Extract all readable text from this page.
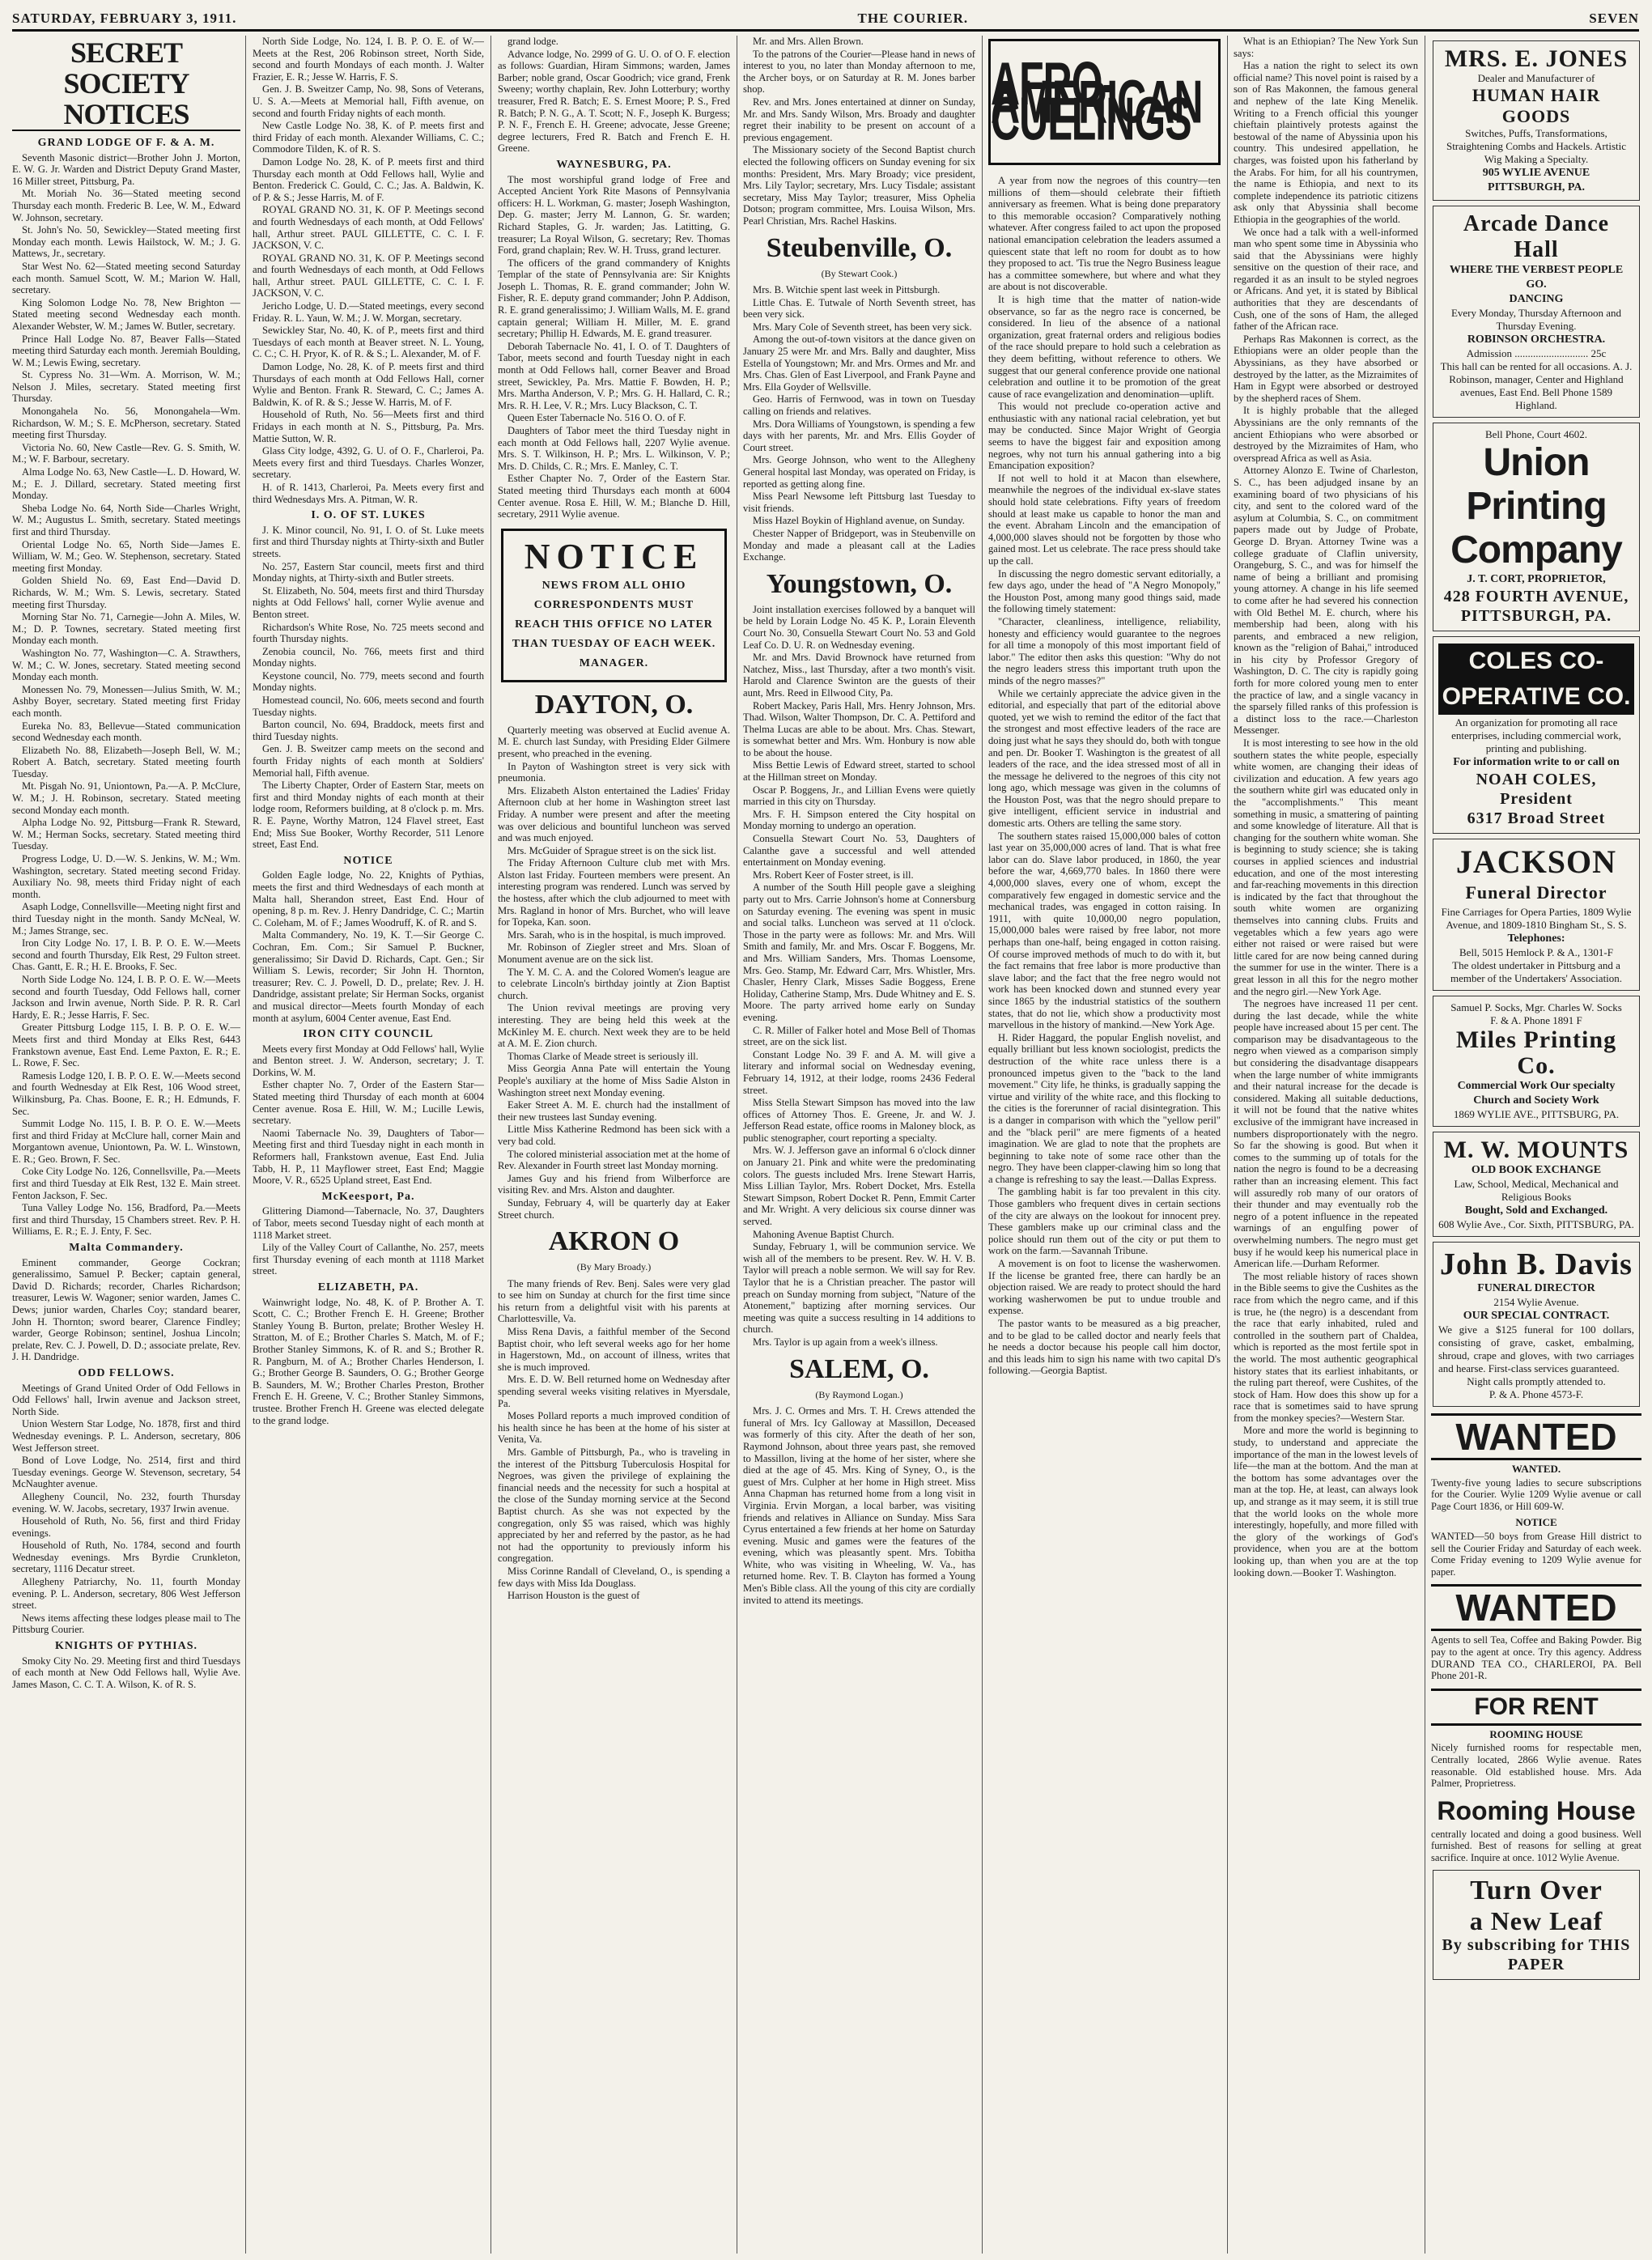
SATURDAY, FEBRUARY 3, 1911.	THE COURIER.	SEVEN
SECRET SOCIETY NOTICES
GRAND LODGE OF F. & A. M.

Seventh Masonic district—Brother John J. Morton, E. W. G. Jr. Warden and District Deputy Grand Master, 16 Miller street, Pittsburg, Pa.

Mt. Moriah No. 36—Stated meeting second Thursday each month. Frederic B. Lee, W. M., Edward W. Johnson, secretary.

St. John's No. 50, Sewickley—Stated meeting first Monday each month. Lewis Hailstock, W. M.; J. G. Mattews, Jr., secretary.

Star West No. 62—Stated meeting second Saturday each month. Samuel Scott, W. M.; Marion W. Hall, secretary.

King Solomon Lodge No. 78, New Brighton — Stated meeting second Wednesday each month. Alexander Webster, W. M.; James W. Butler, secretary.

Prince Hall Lodge No. 87, Beaver Falls—Stated meeting third Saturday each month. Jeremiah Boulding, W. M.; Lewis Ewing, secretary.

St. Cypress No. 31—Wm. A. Morrison, W. M.; Nelson J. Miles, secretary. Stated meeting first Thursday.

Monongahela No. 56, Monongahela—Wm. Richardson, W. M.; S. E. McPherson, secretary. Stated meeting first Thursday.

Victoria No. 60, New Castle—Rev. G. S. Smith, W. M.; W. F. Barbour, secretary.

Alma Lodge No. 63, New Castle—L. D. Howard, W. M.; E. J. Dillard, secretary. Stated meeting first Monday.

Sheba Lodge No. 64, North Side—Charles Wright, W. M.; Augustus L. Smith, secretary. Stated meetings first and third Thursday.

Oriental Lodge No. 65, North Side—James E. William, W. M.; Geo. W. Stephenson, secretary. Stated meeting first Monday.

Golden Shield No. 69, East End—David D. Richards, W. M.; Wm. S. Lewis, secretary. Stated meeting first Thursday.

Morning Star No. 71, Carnegie—John A. Miles, W. M.; D. P. Townes, secretary. Stated meeting first Monday each month.

Washington No. 77, Washington—C. A. Strawthers, W. M.; C. W. Jones, secretary. Stated meeting second Monday each month.

Monessen No. 79, Monessen—Julius Smith, W. M.; Ashby Boyer, secretary. Stated meeting first Friday each month.

Eureka No. 83, Bellevue—Stated communication second Wednesday each month.

Elizabeth No. 88, Elizabeth—Joseph Bell, W. M.; Robert A. Batch, secretary. Stated meeting fourth Tuesday.

Mt. Pisgah No. 91, Uniontown, Pa.—A. P. McClure, W. M.; J. H. Robinson, secretary. Stated meeting second Monday each month.

Alpha Lodge No. 92, Pittsburg—Frank R. Steward, W. M.; Herman Socks, secretary. Stated meeting third Tuesday.

Progress Lodge, U. D.—W. S. Jenkins, W. M.; Wm. Washington, secretary. Stated meeting second Friday. Auxiliary No. 98, meets third Friday night of each month.

Asaph Lodge, Connellsville—Meeting night first and third Tuesday night in the month. Sandy McNeal, W. M.; James Strange, sec.

Iron City Lodge No. 17, I. B. P. O. E. W.—Meets second and fourth Thursday, Elk Rest, 29 Fulton street. Chas. Gantt, E. R.; H. E. Brooks, F. Sec.

North Side Lodge No. 124, I. B. P. O. E. W.—Meets second and fourth Tuesday, Odd Fellows hall, corner Jackson and Irwin avenue, North Side. P. R. R. Carl Hardy, E. R.; Jesse Harris, F. Sec.

Greater Pittsburg Lodge 115, I. B. P. O. E. W.—Meets first and third Monday at Elks Rest, 6443 Frankstown avenue, East End. Leme Paxton, E. R.; E. L. Rowe, F. Sec.

Ramesis Lodge 120, I. B. P. O. E. W.—Meets second and fourth Wednesday at Elk Rest, 106 Wood street, Wilkinsburg, Pa. Chas. Boone, E. R.; H. Edmunds, F. Sec.

Summit Lodge No. 115, I. B. P. O. E. W.—Meets first and third Friday at McClure hall, corner Main and Morgantown avenue, Uniontown, Pa. W. L. Winstown, E. R.; Geo. Brown, F. Sec.

Coke City Lodge No. 126, Connellsville, Pa.—Meets first and third Tuesday at Elk Rest, 132 E. Main street. Fenton Jackson, F. Sec.

Tuna Valley Lodge No. 156, Bradford, Pa.—Meets first and third Thursday, 15 Chambers street. Rev. P. H. Williams, E. R.; E. J. Enty, F. Sec.

Malta Commandery.

Eminent commander, George Cockran; generalissimo, Samuel P. Becker; captain general, David D. Richards; recorder, Charles Richardson; treasurer, Lewis W. Wagoner; senior warden, James C. Dews; junior warden, Charles Coy; standard bearer, John H. Thornton; sword bearer, Clarence Findley; warder, George Robinson; sentinel, Joshua Lincoln; prelate, Rev. C. J. Powell, D. D.; associate prelate, Rev. J. H. Dandridge.

ODD FELLOWS.

Meetings of Grand United Order of Odd Fellows in Odd Fellows' hall, Irwin avenue and Jackson street, North Side.

Union Western Star Lodge, No. 1878, first and third Wednesday evenings. P. L. Anderson, secretary, 806 West Jefferson street.

Bond of Love Lodge, No. 2514, first and third Tuesday evenings. George W. Stevenson, secretary, 54 McNaughter avenue.

Allegheny Council, No. 232, fourth Thursday evening. W. W. Jacobs, secretary, 1937 Irwin avenue.

Household of Ruth, No. 56, first and third Friday evenings.

Household of Ruth, No. 1784, second and fourth Wednesday evenings. Mrs Byrdie Crunkleton, secretary, 1116 Decatur street.

Allegheny Patriarchy, No. 11, fourth Monday evening. P. L. Anderson, secretary, 806 West Jefferson street.

News items affecting these lodges please mail to The Pittsburg Courier.

KNIGHTS OF PYTHIAS.

Smoky City No. 29. Meeting first and third Tuesdays of each month at New Odd Fellows hall, Wylie Ave. James Mason, C. C. T. A. Wilson, K. of R. S.

North Side Lodge, No. 124, I. B. P. O. E. of W.—Meets at the Rest, 206 Robinson street, North Side, second and fourth Mondays of each month. J. Walter Frazier, E. R.; Jesse W. Harris, F. S.

Gen. J. B. Sweitzer Camp, No. 98, Sons of Veterans, U. S. A.—Meets at Memorial hall, Fifth avenue, on second and fourth Friday nights of each month.

New Castle Lodge No. 38, K. of P. meets first and third Friday of each month. Alexander Williams, C. C.; Commodore Tilden, K. of R. S.

Damon Lodge No. 28, K. of P. meets first and third Thursday each month at Odd Fellows hall, Wylie and Benton. Frederick C. Gould, C. C.; Jas. A. Baldwin, K. of P. & S.; Jesse Harris, M. of F.

ROYAL GRAND NO. 31, K. OF P. Meetings second and fourth Wednesdays of each month, at Odd Fellows' hall, Arthur street. PAUL GILLETTE, C. C. I. F. JACKSON, V. C.

ROYAL GRAND NO. 31, K. OF P. Meetings second and fourth Wednesdays of each month, at Odd Fellows hall, Arthur street. PAUL GILLETTE, C. C. I. F. JACKSON, V. C.

Jericho Lodge, U. D.—Stated meetings, every second Friday. R. L. Yaun, W. M.; J. W. Morgan, secretary.

Sewickley Star, No. 40, K. of P., meets first and third Tuesdays of each month at Beaver street. N. L. Young, C. C.; C. H. Pryor, K. of R. & S.; L. Alexander, M. of F.

Damon Lodge, No. 28, K. of P. meets first and third Thursdays of each month at Odd Fellows Hall, corner Wylie and Benton. Frank R. Steward, C. C.; James A. Baldwin, K. of R. & S.; Jesse W. Harris, M. of F.

Household of Ruth, No. 56—Meets first and third Fridays in each month at N. S., Pittsburg, Pa. Mrs. Mattie Sutton, W. R.

Glass City lodge, 4392, G. U. of O. F., Charleroi, Pa. Meets every first and third Tuesdays. Charles Wonzer, secretary.

H. of R. 1413, Charleroi, Pa. Meets every first and third Wednesdays Mrs. A. Pitman, W. R.

I. O. OF ST. LUKES

J. K. Minor council, No. 91, I. O. of St. Luke meets first and third Thursday nights at Thirty-sixth and Butler streets.

No. 257, Eastern Star council, meets first and third Monday nights, at Thirty-sixth and Butler streets.

St. Elizabeth, No. 504, meets first and third Thursday nights at Odd Fellows' hall, corner Wylie avenue and Benton street.

Richardson's White Rose, No. 725 meets second and fourth Thursday nights.

Zenobia council, No. 766, meets first and third Monday nights.

Keystone council, No. 779, meets second and fourth Monday nights.

Homestead council, No. 606, meets second and fourth Tuesday nights.

Barton council, No. 694, Braddock, meets first and third Tuesday nights.

Gen. J. B. Sweitzer camp meets on the second and fourth Friday nights of each month at Soldiers' Memorial hall, Fifth avenue.

The Liberty Chapter, Order of Eastern Star, meets on first and third Monday nights of each month at their lodge room, Reformers building, at 8 o'clock p. m. Mrs. R. E. Payne, Worthy Matron, 124 Flavel street, East End; Miss Sue Booker, Worthy Recorder, 511 Lenore street, East End.

NOTICE

Golden Eagle lodge, No. 22, Knights of Pythias, meets the first and third Wednesdays of each month at Malta hall, Sherandon street, East End. Hour of opening, 8 p. m. Rev. J. Henry Dandridge, C. C.; Martin C. Coleham, M. of F.; James Woodruff, K. of R. and S.

Malta Commandery, No. 19, K. T.—Sir George C. Cochran, Em. Com.; Sir Samuel P. Buckner, generalissimo; Sir David D. Richards, Capt. Gen.; Sir William S. Lewis, recorder; Sir John H. Thornton, treasurer; Rev. C. J. Powell, D. D., prelate; Rev. J. H. Dandridge, assistant prelate; Sir Herman Socks, organist and musical director—Meets fourth Monday of each month at asylum, 6004 Center avenue, East End.

IRON CITY COUNCIL

Meets every first Monday at Odd Fellows' hall, Wylie and Benton street. J. W. Anderson, secretary; J. T. Dorkins, W. M.

Esther chapter No. 7, Order of the Eastern Star—Stated meeting third Thursday of each month at 6004 Center avenue. Rosa E. Hill, W. M.; Lucille Lewis, secretary.

Naomi Tabernacle No. 39, Daughters of Tabor—Meeting first and third Tuesday night in each month in Reformers hall, Frankstown avenue, East End. Julia Tabb, H. P., 11 Mayflower street, East End; Maggie Moore, V. R., 6525 Upland street, East End.

McKeesport, Pa.

Glittering Diamond—Tabernacle, No. 37, Daughters of Tabor, meets second Tuesday night of each month at 1118 Market street.

Lily of the Valley Court of Callanthe, No. 257, meets first Thursday evening of each month at 1118 Market street.

ELIZABETH, PA.

Wainwright lodge, No. 48, K. of P. Brother A. T. Scott, C. C.; Brother French E. H. Greene; Brother Stanley Young B. Burton, prelate; Brother Wesley H. Stratton, M. of E.; Brother Charles S. Match, M. of F.; Brother Stanley Simmons, K. of R. and S.; Brother R. R. Pangburn, M. of A.; Brother Charles Henderson, I. G.; Brother George B. Saunders, O. G.; Brother George B. Saunders, M. W.; Brother Charles Preston, Brother French E. H. Greene, V. C.; Brother Stanley Simmons, trustee. Brother French H. Greene was elected delegate to the grand lodge.

grand lodge.

Advance lodge, No. 2999 of G. U. O. of O. F. election as follows: Guardian, Hiram Simmons; warden, James Barber; noble grand, Oscar Goodrich; vice grand, Frenk Sweeny; worthy chaplain, Rev. John Lotterbury; worthy treasurer, Fred R. Batch; E. S. Ernest Moore; P. S., Fred R. Batch; P. N. G., A. T. Scott; N. F., Joseph K. Burgess; P. N. F., French E. H. Greene; advocate, Jesse Greene; degree lecturers, Fred R. Batch and French E. H. Greene.

WAYNESBURG, PA.

The most worshipful grand lodge of Free and Accepted Ancient York Rite Masons of Pennsylvania officers: H. L. Workman, G. master; Joseph Washington, Dep. G. master; Jerry M. Lannon, G. Sr. warden; Richard Staples, G. Jr. warden; Jas. Latitting, G. treasurer; La Royal Wilson, G. secretary; Rev. Thomas Ford, grand chaplain; Rev. W. H. Truss, grand lecturer.

The officers of the grand commandery of Knights Templar of the state of Pennsylvania are: Sir Knights Joseph L. Thomas, R. E. grand commander; John W. Fisher, R. E. deputy grand commander; John P. Addison, R. E. grand generalissimo; J. William Walls, M. E. grand captain general; William H. Miller, M. E. grand secretary; Phillip H. Edwards, M. E. grand treasurer.

Deborah Tabernacle No. 41, I. O. of T. Daughters of Tabor, meets second and fourth Tuesday night in each month at Odd Fellows hall, corner Beaver and Broad street, Sewickley, Pa. Mrs. Mattie F. Bowden, H. P.; Mrs. Martha Anderson, V. P.; Mrs. G. H. Hallard, C. R.; Mrs. R. H. Lee, V. R.; Mrs. Lucy Blackson, C. T.

Queen Ester Tabernacle No. 516 O. O. of F.

Daughters of Tabor meet the third Tuesday night in each month at Odd Fellows hall, 2207 Wylie avenue. Mrs. S. T. Wilkinson, H. P.; Mrs. L. Wilkinson, V. P.; Mrs. D. Childs, C. R.; Mrs. E. Manley, C. T.

Esther Chapter No. 7, Order of the Eastern Star. Stated meeting third Thursdays each month at 6004 Center avenue. Rosa E. Hill, W. M.; Blanche D. Hill, secretary, 2911 Wylie avenue.

NOTICE
NEWS FROM ALL OHIO CORRESPONDENTS MUST REACH THIS OFFICE NO LATER THAN TUESDAY OF EACH WEEK. MANAGER.
DAYTON, O.

Quarterly meeting was observed at Euclid avenue A. M. E. church last Sunday, with Presiding Elder Gilmere present, who preached in the evening.

In Payton of Washington street is very sick with pneumonia.

Mrs. Elizabeth Alston entertained the Ladies' Friday Afternoon club at her home in Washington street last Friday. A number were present and after the meeting was over delicious and bountiful luncheon was served and was much enjoyed.

Mrs. McGuider of Sprague street is on the sick list.

The Friday Afternoon Culture club met with Mrs. Alston last Friday. Fourteen members were present. An interesting program was rendered. Lunch was served by the hostess, after which the club adjourned to meet with Mrs. Ragland in honor of Mrs. Burchet, who will leave for Topeka, Kan. soon.

Mrs. Sarah, who is in the hospital, is much improved.

Mr. Robinson of Ziegler street and Mrs. Sloan of Monument avenue are on the sick list.

The Y. M. C. A. and the Colored Women's league are to celebrate Lincoln's birthday jointly at Zion Baptist church.

The Union revival meetings are proving very interesting. They are being held this week at the McKinley M. E. church. Next week they are to be held at A. M. E. Zion church.

Thomas Clarke of Meade street is seriously ill.

Miss Georgia Anna Pate will entertain the Young People's auxiliary at the home of Miss Sadie Alston in Washington street next Monday evening.

Eaker Street A. M. E. church had the installment of their new trustees last Sunday evening.

Little Miss Katherine Redmond has been sick with a very bad cold.

The colored ministerial association met at the home of Rev. Alexander in Fourth street last Monday morning.

James Guy and his friend from Wilberforce are visiting Rev. and Mrs. Alston and daughter.

Sunday, February 4, will be quarterly day at Eaker Street church.

AKRON O
(By Mary Broady.)

The many friends of Rev. Benj. Sales were very glad to see him on Sunday at church for the first time since his return from a delightful visit with his parents at Charlottesville, Va.

Miss Rena Davis, a faithful member of the Second Baptist choir, who left several weeks ago for her home in Hagerstown, Md., on account of illness, writes that she is much improved.

Mrs. E. D. W. Bell returned home on Wednesday after spending several weeks visiting relatives in Myersdale, Pa.

Moses Pollard reports a much improved condition of his health since he has been at the home of his sister at Venita, Va.

Mrs. Gamble of Pittsburgh, Pa., who is traveling in the interest of the Pittsburg Tuberculosis Hospital for Negroes, was given the privilege of explaining the financial needs and the necessity for such a hospital at the close of the Sunday morning service at the Second Baptist church. As she was not expected by the congregation, only $5 was raised, which was highly appreciated by her and referred by the pastor, as he had not had the opportunity to previously inform his congregation.

Miss Corinne Randall of Cleveland, O., is spending a few days with Miss Ida Douglass.

Harrison Houston is the guest of

Mr. and Mrs. Allen Brown.

To the patrons of the Courier—Please hand in news of interest to you, no later than Monday afternoon to me, the Archer boys, or on Saturday at R. M. Jones barber shop.

Rev. and Mrs. Jones entertained at dinner on Sunday, Mr. and Mrs. Sandy Wilson, Mrs. Broady and daughter regret their inability to be present on account of a previous engagement.

The Missionary society of the Second Baptist church elected the following officers on Sunday evening for six months: President, Mrs. Mary Broady; vice president, Mrs. Lily Taylor; secretary, Mrs. Lucy Tisdale; assistant secretary, Miss May Taylor; treasurer, Miss Ophelia Dotson; program committee, Mrs. Louisa Wilson, Mrs. Pearl Christian, Mrs. Rachel Haskins.

Steubenville, O.
(By Stewart Cook.)

Mrs. B. Witchie spent last week in Pittsburgh.

Little Chas. E. Tutwale of North Seventh street, has been very sick.

Mrs. Mary Cole of Seventh street, has been very sick.

Among the out-of-town visitors at the dance given on January 25 were Mr. and Mrs. Bally and daughter, Miss Estella of Youngstown; Mr. and Mrs. Ormes and Mr. and Mrs. Chas. Glen of East Liverpool, and Frank Payne and Mrs. Ella Goyder of Wellsville.

Geo. Harris of Fernwood, was in town on Tuesday calling on friends and relatives.

Mrs. Dora Williams of Youngstown, is spending a few days with her parents, Mr. and Mrs. Ellis Goyder of Court street.

Mrs. George Johnson, who went to the Allegheny General hospital last Monday, was operated on Friday, is reported as getting along fine.

Miss Pearl Newsome left Pittsburg last Tuesday to visit friends.

Miss Hazel Boykin of Highland avenue, on Sunday.

Chester Napper of Bridgeport, was in Steubenville on Monday and made a pleasant call at the Ladies Exchange.

Youngstown, O.

Joint installation exercises followed by a banquet will be held by Lorain Lodge No. 45 K. P., Lorain Eleventh Court No. 30, Consuella Stewart Court No. 53 and Gold Leaf Co. D. U. R. on Wednesday evening.

Mr. and Mrs. David Brownock have returned from Natchez, Miss., last Thursday, after a two month's visit. Harold and Clarence Swinton are the guests of their aunt, Mrs. Reed in Ellwood City, Pa.

Robert Mackey, Paris Hall, Mrs. Henry Johnson, Mrs. Thad. Wilson, Walter Thompson, Dr. C. A. Pettiford and Thelma Lucas are able to be about. Mrs. Chas. Stewart, is somewhat better and Mrs. Wm. Honbury is now able to be about the house.

Miss Bettie Lewis of Edward street, started to school at the Hillman street on Monday.

Oscar P. Boggens, Jr., and Lillian Evens were quietly married in this city on Thursday.

Mrs. F. H. Simpson entered the City hospital on Monday morning to undergo an operation.

Consuella Stewart Court No. 53, Daughters of Calanthe gave a successful and well attended entertainment on Monday evening.

Mrs. Robert Keer of Foster street, is ill.

A number of the South Hill people gave a sleighing party out to Mrs. Carrie Johnson's home at Connersburg on Saturday evening. The evening was spent in music and social talks. Luncheon was served at 11 o'clock. Those in the party were as follows: Mr. and Mrs. Will Smith and family, Mr. and Mrs. Oscar F. Boggens, Mr. and Mrs. William Sanders, Mrs. Thomas Loensome, Mrs. Geo. Stamp, Mr. Edward Carr, Mrs. Whistler, Mrs. Chasler, Henry Clark, Misses Sadie Boggess, Erene Holiday, Catherine Stamp, Mrs. Dude Whitney and E. S. Moore. The party arrived home early on Sunday evening.

C. R. Miller of Falker hotel and Mose Bell of Thomas street, are on the sick list.

Constant Lodge No. 39 F. and A. M. will give a literary and informal social on Wednesday evening, February 14, 1912, at their lodge, rooms 2436 Federal street.

Miss Stella Stewart Simpson has moved into the law offices of Attorney Thos. E. Greene, Jr. and W. J. Jefferson Read estate, office rooms in Maloney block, as public stenographer, court reporting a specialty.

Mrs. W. J. Jefferson gave an informal 6 o'clock dinner on January 21. Pink and white were the predominating colors. The guests included Mrs. Irene Stewart Harris, Miss Lillian Taylor, Mrs. Robert Docket, Mrs. Estella Stewart Simpson, Robert Docket R. Penn, Emmit Carter and Mr. Wright. A very delicious six course dinner was served.

Mahoning Avenue Baptist Church.

Sunday, February 1, will be communion service. We wish all of the members to be present. Rev. W. H. V. B. Taylor will preach a noble sermon. We will say for Rev. Taylor that he is a Christian preacher. The pastor will preach on Sunday morning from subject, "Nature of the Atonement," baptizing after morning services. Our meeting was quite a success resulting in 14 additions to church.

Mrs. Taylor is up again from a week's illness.

SALEM, O.
(By Raymond Logan.)

Mrs. J. C. Ormes and Mrs. T. H. Crews attended the funeral of Mrs. Icy Galloway at Massillon, Deceased was formerly of this city. After the death of her son, Raymond Johnson, about three years past, she removed to Massillon, living at the home of her sister, where she died at the age of 45. Mrs. King of Syney, O., is the guest of Mrs. Culpher at her home in High street. Miss Anna Chapman has returned home from a long visit in Virginia. Ervin Morgan, a local barber, was visiting friends and relatives in Alliance on Sunday. Miss Sara Cyrus entertained a few friends at her home on Saturday evening. Music and games were the features of the evening, which was pleasantly spent. Mrs. Tobitha White, who was visiting in Wheeling, W. Va., has returned home. Rev. T. B. Clayton has formed a Young Men's Bible class. All the young of this city are cordially invited to attend its meetings.

AFRO-AMERICAN CULLINGS

A year from now the negroes of this country—ten millions of them—should celebrate their fiftieth anniversary as freemen. What is being done preparatory to this memorable occasion? Comparatively nothing whatever. After congress failed to act upon the proposed national emancipation celebration the leaders assumed a quiescent state that left no room for doubt as to how they proposed to act. 'Tis true the Negro Business league has a committee somewhere, but where and what they are about is not discoverable.

It is high time that the matter of nation-wide observance, so far as the negro race is concerned, be considered. In lieu of the absence of a national organization, great fraternal orders and religious bodies of the race should prepare to hold such a celebration as they deem befitting, without reference to others. We suggest that our general conference provide one national celebration and outline it to be promotion of the great cause of race evangelization and denomination—uplift.

This would not preclude co-operation active and enthusiastic with any national racial celebration, yet but may be conducted. Since Major Wright of Georgia seems to have the biggest fair and exposition among negroes, why not turn his annual gathering into a big Emancipation exposition?

If not well to hold it at Macon than elsewhere, meanwhile the negroes of the individual ex-slave states should hold state celebrations. Fifty years of freedom should at least make us capable to honor the man and the event. Abraham Lincoln and the emancipation of 4,000,000 slaves should not be forgotten by those who gained most. Let us celebrate. The race press should take up the call.

In discussing the negro domestic servant editorially, a few days ago, under the head of "A Negro Monopoly," the Houston Post, among many good things said, made the following timely statement:

"Character, cleanliness, intelligence, reliability, honesty and efficiency would guarantee to the negroes for all time a monopoly of this most important field of labor." The editor then asks this question: "Why do not the negro leaders stress this important truth upon the minds of the negro masses?"

While we certainly appreciate the advice given in the editorial, and especially that part of the editorial above quoted, yet we wish to remind the editor of the fact that the strongest and most effective leaders of the race are doing just what he says they should do, both with tongue and pen. Dr. Booker T. Washington is the greatest of all leaders of the race, and the idea stressed most of all in the message he delivered to the negroes of this city not long ago, which message was given in the columns of the Houston Post, was that the negro should prepare to give intelligent, efficient service in industrial and domestic arts. Others are telling the same story.

The southern states raised 15,000,000 bales of cotton last year on 35,000,000 acres of land. That is what free labor can do. Slave labor produced, in 1860, the year before the war, 4,669,770 bales. In 1860 there were 4,000,000 slaves, every one of whom, except the comparatively few engaged in domestic service and the mechanical trades, was engaged in cotton raising. In 1911, with quite 10,000,00 negro population, 15,000,000 bales were raised by free labor, not more perhaps than one-half, being engaged in cotton raising. Of course improved methods of much to do with it, but the fact remains that free labor is more productive than slave labor; and the fact that the free negro would not work has been knocked down and stunned every year since 1865 by the industrial statistics of the southern states, that do not lie, which show a productivity most marvellous in the history of mankind.—New York Age.

H. Rider Haggard, the popular English novelist, and equally brilliant but less known sociologist, predicts the destruction of the white race unless there is a pronounced impetus given to the "back to the land movement." City life, he thinks, is gradually sapping the virtue and virility of the white race, and this flocking to the cities is the forerunner of racial disintegration. This is a danger in comparison with which the "yellow peril" and the "black peril" are mere figments of a heated imagination. We are glad to note that the prophets are beginning to take note of some race other than the negro. They have been clapper-clawing him so long that a change is refreshing to say the least.—Dallas Express.

The gambling habit is far too prevalent in this city. Those gamblers who frequent dives in certain sections of the city are always on the lookout for innocent prey. These gamblers make up our criminal class and the police should run them out of the city or put them to work on the farm.—Savannah Tribune.

A movement is on foot to license the washerwomen. If the license be granted free, there can hardly be an objection raised. We are ready to protect should the hard working washerwomen be put to undue trouble and expense.

The pastor wants to be measured as a big preacher, and to be glad to be called doctor and nearly feels that he needs a doctor because his people call him doctor, and this leads him to sign his name with two capital D's following.—Georgia Baptist.

What is an Ethiopian? The New York Sun says:

Has a nation the right to select its own official name? This novel point is raised by a son of Ras Makonnen, the famous general and nephew of the late King Menelik. Writing to a French official this younger chieftain plaintively protests against the bestowal of the name of Abyssinia upon his country. This undesired appellation, he charges, was foisted upon his fatherland by the Arabs. For him, for all his countrymen, the name is Ethiopia, and next to its complete independence its patriotic citizens ask only that Abyssinia shall become Ethiopia in the geographies of the world.

We once had a talk with a well-informed man who spent some time in Abyssinia who said that the Abyssinians were highly sensitive on the question of their race, and regarded it as an insult to be styled negroes or Africans. And yet, it is stated by Biblical authorities that they are descendants of Cush, one of the sons of Ham, the alleged father of the African race.

Perhaps Ras Makonnen is correct, as the Ethiopians were an older people than the Abyssinians, as they have absorbed or destroyed by the latter, as the Mizraimites of Ham in Egypt were absorbed or destroyed by the shepherd races of Shem.

It is highly probable that the alleged Abyssinians are the only remnants of the ancient Ethiopians who were absorbed or destroyed by the Mizraimites of Ham, who overspread Africa as well as Asia.

Attorney Alonzo E. Twine of Charleston, S. C., has been adjudged insane by an examining board of two physicians of his city, and sent to the colored ward of the asylum at Columbia, S. C., on commitment papers made out by Judge of Probate, George D. Bryan. Attorney Twine was a college graduate of Claflin university, Orangeburg, S. C., and was for himself the name of being a brilliant and promising young attorney. A change in his life seemed to come after he had severed his connection with Old Bethel M. E. church, where his membership had been, along with his parents, and embraced a new religion, known as the "religion of Bahai," introduced in his city by Professor Gregory of Washington, D. C. The city is rapidly going forth for more colored young men to enter the practice of law, and a single vacancy in the sparsely filled ranks of this profession is a distinct loss to the race.—Charleston Messenger.

It is most interesting to see how in the old southern states the white people, especially white women, are changing their ideas of civilization and education. A few years ago the southern white girl was educated only in the "accomplishments." This meant something in music, a smattering of painting and some knowledge of literature. All that is changing for the southern white woman. She is beginning to study science; she is taking courses in applied sciences and industrial education, and one of the most interesting and far-reaching movements in this direction is indicated by the fact that throughout the south white women are organizing themselves into canning clubs. Fruits and vegetables which a few years ago were either not raised or were raised but were little cared for are now being canned during the summer for use in the winter. There is a great lesson in all this for the negro mother and the negro girl.—New York Age.

The negroes have increased 11 per cent. during the last decade, while the white people have increased about 15 per cent. The comparison may be disadvantageous to the negro when viewed as a comparison simply but considering the disadvantage disappears when the large number of white immigrants and their natural increase for the decade is considered. Making all suitable deductions, it will not be found that the native whites exclusive of the immigrant have increased in numbers disproportionately with the negro. So far the showing is good. But when it comes to the summing up of totals for the nation the negro is found to be a decreasing rather than an increasing element. This fact will assuredly rob many of our orators of their thunder and may eventually rob the negro of a potent influence in the repeated warnings of an engulfing power of overwhelming numbers. The negro must get busy if he would keep his numerical place in American life.—Durham Reformer.

The most reliable history of races shown in the Bible seems to give the Cushites as the race from which the negro came, and if this is true, he (the negro) is a descendant from the race that early inhabited, ruled and controlled in the southern part of Chaldea, which is reported as the most fertile spot in the world. The most authentic geographical history states that its earliest inhabitants, or the ruling part thereof, were Cushites, of the stock of Ham. How does this show up for a race that is sometimes said to have sprung from the monkey species?—Western Star.

More and more the world is beginning to study, to understand and appreciate the importance of the man in the lowest levels of life—the man at the bottom. And the man at the bottom has some advantages over the man at the top. He, at least, can always look up, and strange as it may seem, it is still true that the world looks on the whole more interestingly, hopefully, and more filled with the glory of the workings of God's providence, when you are at the bottom looking up, than when you are at the top looking down.—Booker T. Washington.

MRS. E. JONES
Dealer and Manufacturer of
HUMAN HAIR GOODS
Switches, Puffs, Transformations, Straightening Combs and Hackels. Artistic Wig Making a Specialty.
905 WYLIE AVENUE
PITTSBURGH, PA.
Arcade Dance Hall
WHERE THE VERBEST PEOPLE GO.
DANCING
Every Monday, Thursday Afternoon and Thursday Evening.
ROBINSON ORCHESTRA.
Admission ............................ 25c
This hall can be rented for all occasions. A. J. Robinson, manager, Center and Highland avenues, East End. Bell Phone 1589 Highland.
Bell Phone, Court 4602.
Union Printing Company
J. T. CORT, PROPRIETOR,
428 FOURTH AVENUE,
PITTSBURGH, PA.
COLES CO-OPERATIVE CO.
An organization for promoting all race enterprises, including commercial work, printing and publishing.
For information write to or call on
NOAH COLES, President
6317 Broad Street
JACKSON
Funeral Director
Fine Carriages for Opera Parties, 1809 Wylie Avenue, and 1809-1810 Bingham St., S. S.
Telephones:
Bell, 5015 Hemlock P. & A., 1301-F
The oldest undertaker in Pittsburg and a member of the Undertakers' Association.
Samuel P. Socks, Mgr. Charles W. Socks
F. & A. Phone 1891 F
Miles Printing Co.
Commercial Work Our specialty
Church and Society Work
1869 WYLIE AVE., PITTSBURG, PA.
M. W. MOUNTS
OLD BOOK EXCHANGE
Law, School, Medical, Mechanical and Religious Books
Bought, Sold and Exchanged.
608 Wylie Ave., Cor. Sixth, PITTSBURG, PA.
John B. Davis
FUNERAL DIRECTOR
2154 Wylie Avenue.
OUR SPECIAL CONTRACT.
We give a $125 funeral for 100 dollars, consisting of grave, casket, embalming, shroud, crape and gloves, with two carriages and hearse. First-class services guaranteed.
Night calls promptly attended to.
P. & A. Phone 4573-F.
WANTED
WANTED.

Twenty-five young ladies to secure subscriptions for the Courier. Wylie 1209 Wylie avenue or call Page Court 1836, or Hill 609-W.

NOTICE

WANTED—50 boys from Grease Hill district to sell the Courier Friday and Saturday of each week. Come Friday evening to 1209 Wylie avenue for paper.

WANTED

Agents to sell Tea, Coffee and Baking Powder. Big pay to the agent at once. Try this agency. Address DURAND TEA CO., CHARLEROI, PA. Bell Phone 201-R.

FOR RENT
ROOMING HOUSE

Nicely furnished rooms for respectable men, Centrally located, 2866 Wylie avenue. Rates reasonable. Old established house. Mrs. Ada Palmer, Proprietress.

Rooming House

centrally located and doing a good business. Well furnished. Best of reasons for selling at great sacrifice. Inquire at once. 1012 Wylie Avenue.

Turn Over
a New Leaf
By subscribing for THIS PAPER
